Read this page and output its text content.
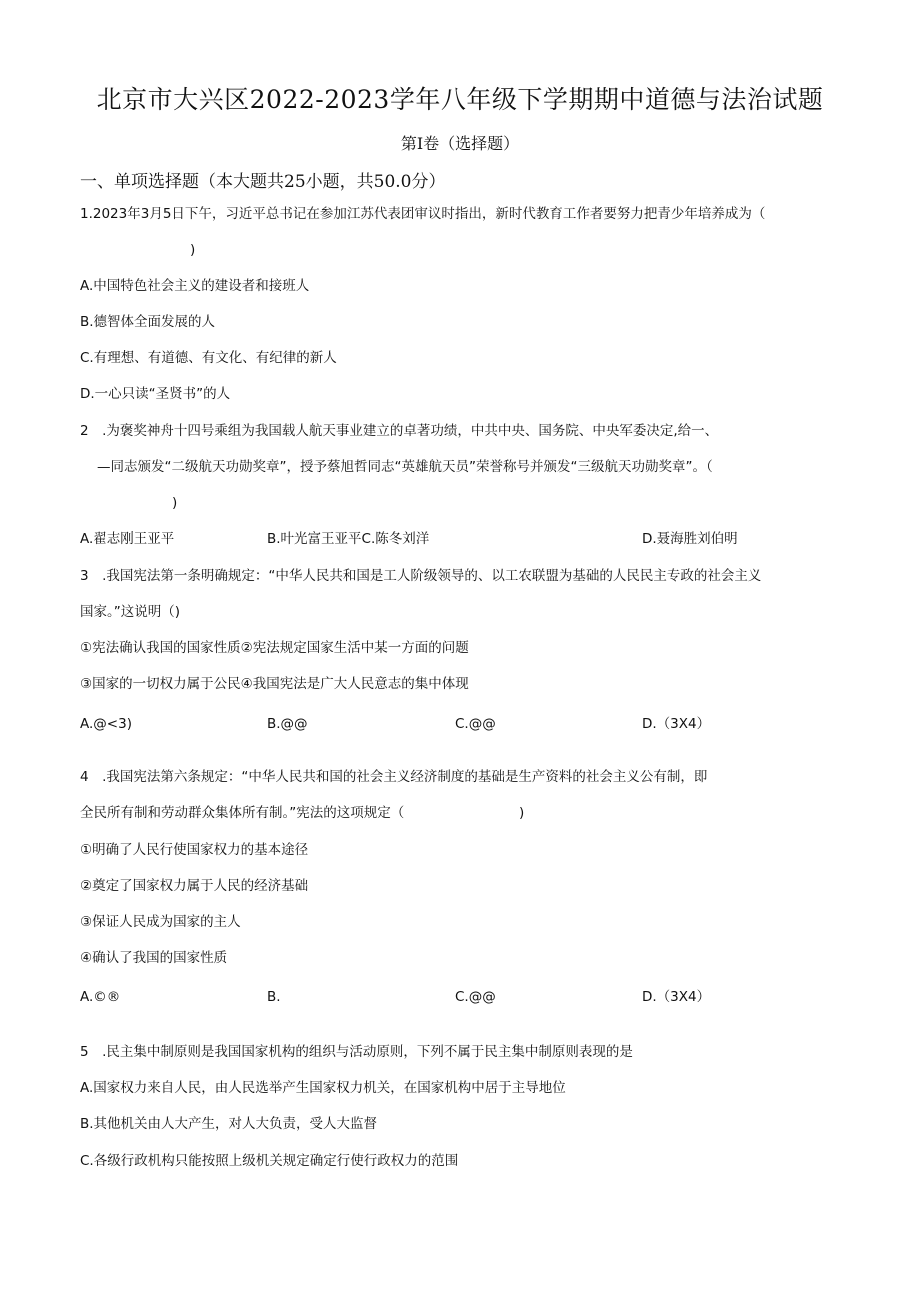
北京市大兴区2022-2023学年八年级下学期期中道德与法治试题
第I卷（选择题）
一、单项选择题（本大题共25小题，共50.0分）
1.2023年3月5日下午，习近平总书记在参加江苏代表团审议时指出，新时代教育工作者要努力把青少年培养成为（
)
A.中国特色社会主义的建设者和接班人
B.德智体全面发展的人
C.有理想、有道德、有文化、有纪律的新人
D.一心只读“圣贤书”的人
2　.为褒奖神舟十四号乘组为我国载人航天事业建立的卓著功绩，中共中央、国务院、中央军委决定,给一、
—同志颁发“二级航天功勋奖章”，授予蔡旭哲同志“英雄航天员”荣誉称号并颁发“三级航天功勋奖章”。（
)
A.翟志刚王亚平	B.叶光富王亚平C.陈冬刘洋	D.聂海胜刘伯明
3　.我国宪法第一条明确规定：“中华人民共和国是工人阶级领导的、以工农联盟为基础的人民民主专政的社会主义
国家。”这说明（)
①宪法确认我国的国家性质②宪法规定国家生活中某一方面的问题
③国家的一切权力属于公民④我国宪法是广大人民意志的集中体现
A.@<3)	B.@@	C.@@	D.（3X4）
4　.我国宪法第六条规定：“中华人民共和国的社会主义经济制度的基础是生产资料的社会主义公有制，即
全民所有制和劳动群众集体所有制。”宪法的这项规定（	)
①明确了人民行使国家权力的基本途径
②奠定了国家权力属于人民的经济基础
③保证人民成为国家的主人
④确认了我国的国家性质
A.©®	B.	C.@@	D.（3X4）
5　.民主集中制原则是我国国家机构的组织与活动原则，下列不属于民主集中制原则表现的是
A.国家权力来自人民，由人民选举产生国家权力机关，在国家机构中居于主导地位
B.其他机关由人大产生，对人大负责，受人大监督
C.各级行政机构只能按照上级机关规定确定行使行政权力的范围
